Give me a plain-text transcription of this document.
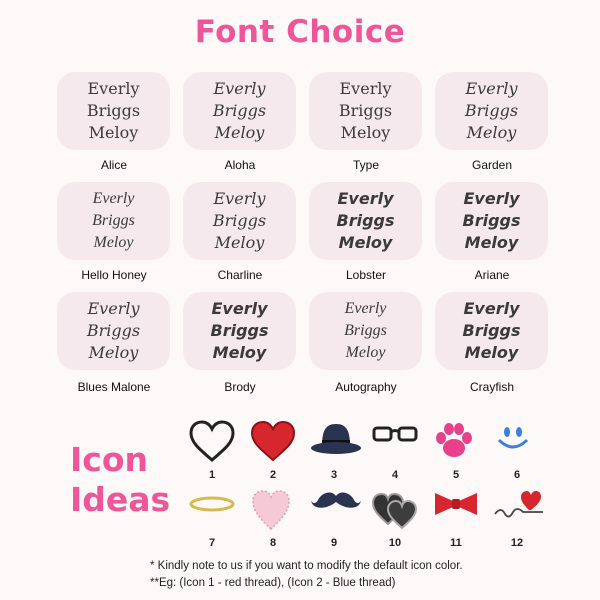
Font Choice
Everly
Briggs
Meloy
Alice
Everly
Briggs
Meloy
Aloha
Everly
Briggs
Meloy
Type
Everly
Briggs
Meloy
Garden
Everly
Briggs
Meloy
Hello Honey
Everly
Briggs
Meloy
Charline
Everly
Briggs
Meloy
Lobster
Everly
Briggs
Meloy
Ariane
Everly
Briggs
Meloy
Blues Malone
Everly
Briggs
Meloy
Brody
Everly
Briggs
Meloy
Autography
Everly
Briggs
Meloy
Crayfish
Icon
Ideas
1	2	3	4	5	6
7	8	9	10	11	12
* Kindly note to us if you want to modify the default icon color.
**Eg: (Icon 1 - red thread), (Icon 2 - Blue thread)
